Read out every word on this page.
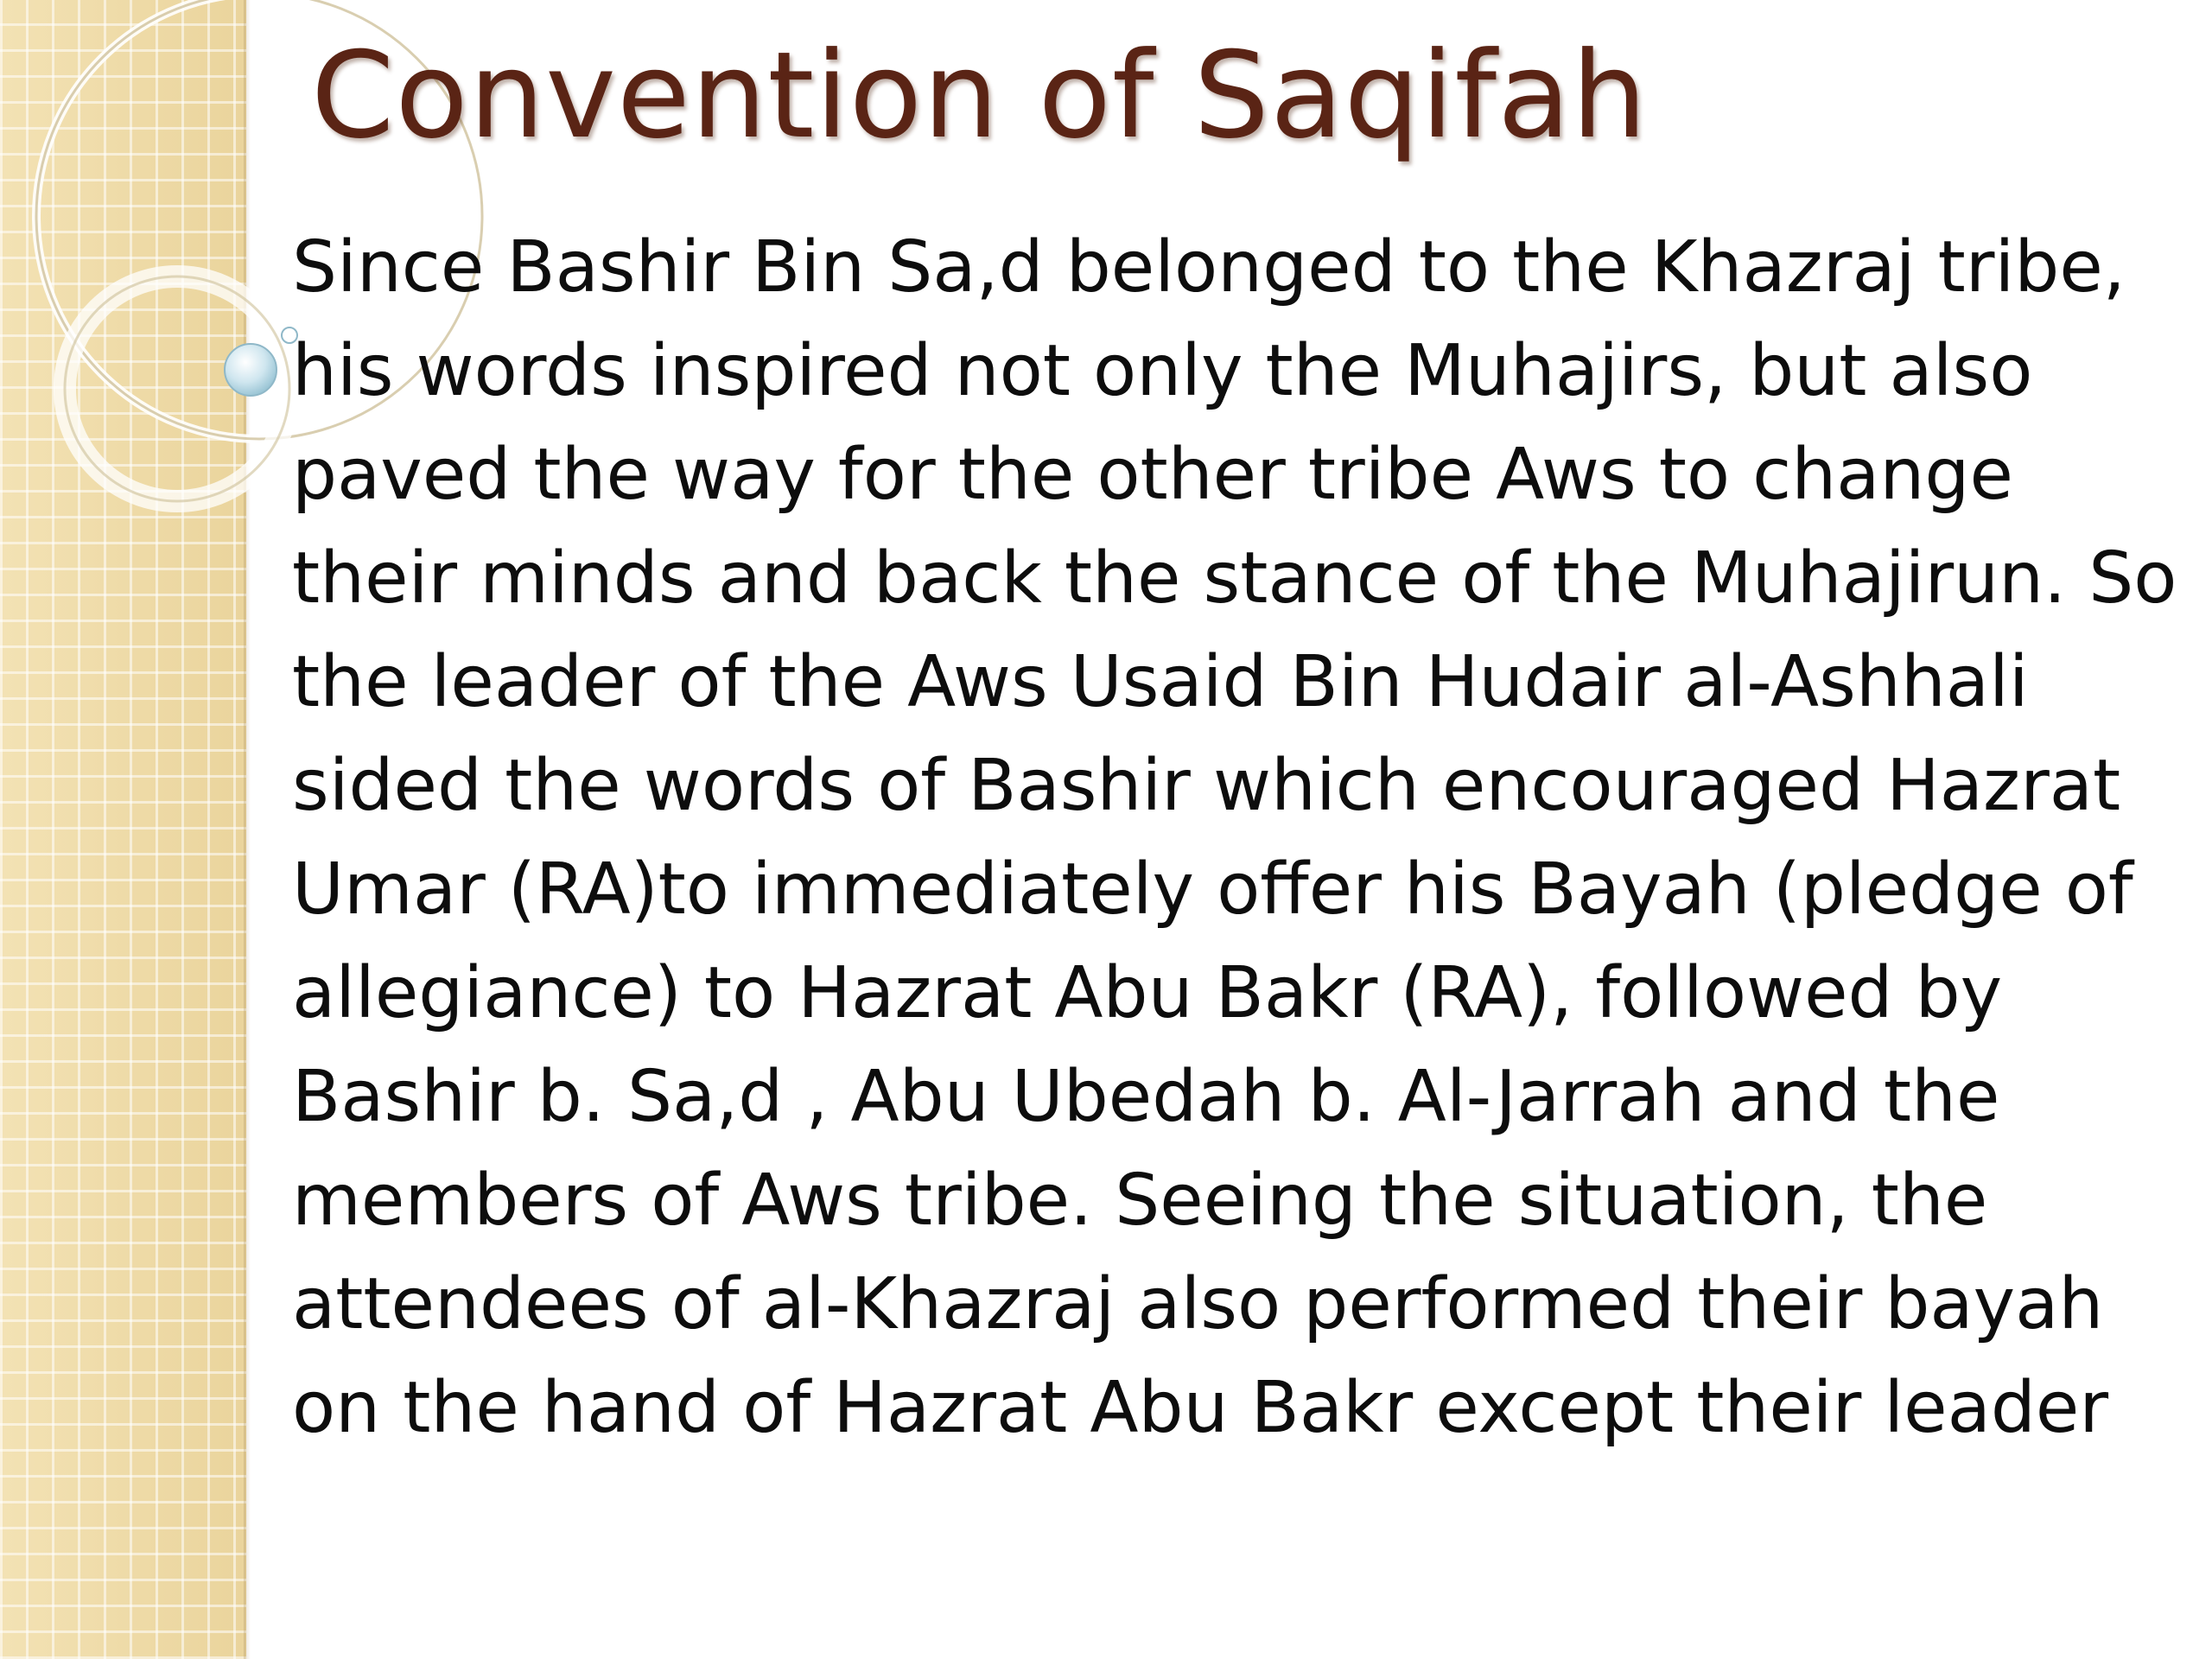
Convention of Saqifah
Since Bashir Bin Sa,d belonged to the Khazraj tribe,
his words inspired not only the Muhajirs, but also
paved the way for the other tribe Aws to change
their minds and back the stance of the Muhajirun. So
the leader of the Aws Usaid Bin Hudair al-Ashhali
sided the words of Bashir which encouraged Hazrat
Umar (RA)to immediately offer his Bayah (pledge of
allegiance) to Hazrat Abu Bakr (RA), followed by
Bashir b. Sa,d , Abu Ubedah b. Al-Jarrah and the
members of Aws tribe. Seeing the situation, the
attendees of al-Khazraj also performed their bayah
on the hand of Hazrat Abu Bakr except their leader
